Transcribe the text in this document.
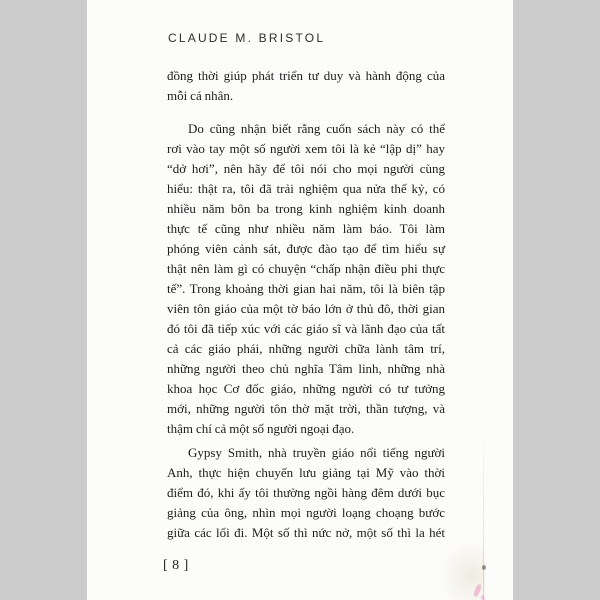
CLAUDE M. BRISTOL
đồng thời giúp phát triển tư duy và hành động của
mỗi cá nhân.
Do cũng nhận biết rằng cuốn sách này có thể
rơi vào tay một số người xem tôi là kẻ “lập dị” hay
“dở hơi”, nên hãy để tôi nói cho mọi người cùng
hiểu: thật ra, tôi đã trải nghiệm qua nửa thế kỷ, có
nhiều năm bôn ba trong kinh nghiệm kinh doanh
thực tế cũng như nhiều năm làm báo. Tôi làm
phóng viên cảnh sát, được đào tạo để tìm hiểu sự
thật nên làm gì có chuyện “chấp nhận điều phi thực
tế”. Trong khoảng thời gian hai năm, tôi là biên tập
viên tôn giáo của một tờ báo lớn ở thủ đô, thời gian
đó tôi đã tiếp xúc với các giáo sĩ và lãnh đạo của tất
cả các giáo phái, những người chữa lành tâm trí,
những người theo chủ nghĩa Tâm linh, những nhà
khoa học Cơ đốc giáo, những người có tư tưởng
mới, những người tôn thờ mặt trời, thần tượng, và
thậm chí cả một số người ngoại đạo.
Gypsy Smith, nhà truyền giáo nổi tiếng người
Anh, thực hiện chuyến lưu giảng tại Mỹ vào thời
điểm đó, khi ấy tôi thường ngồi hàng đêm dưới bục
giảng của ông, nhìn mọi người loạng choạng bước
giữa các lối đi. Một số thì nức nở, một số thì la hét
[ 8 ]
